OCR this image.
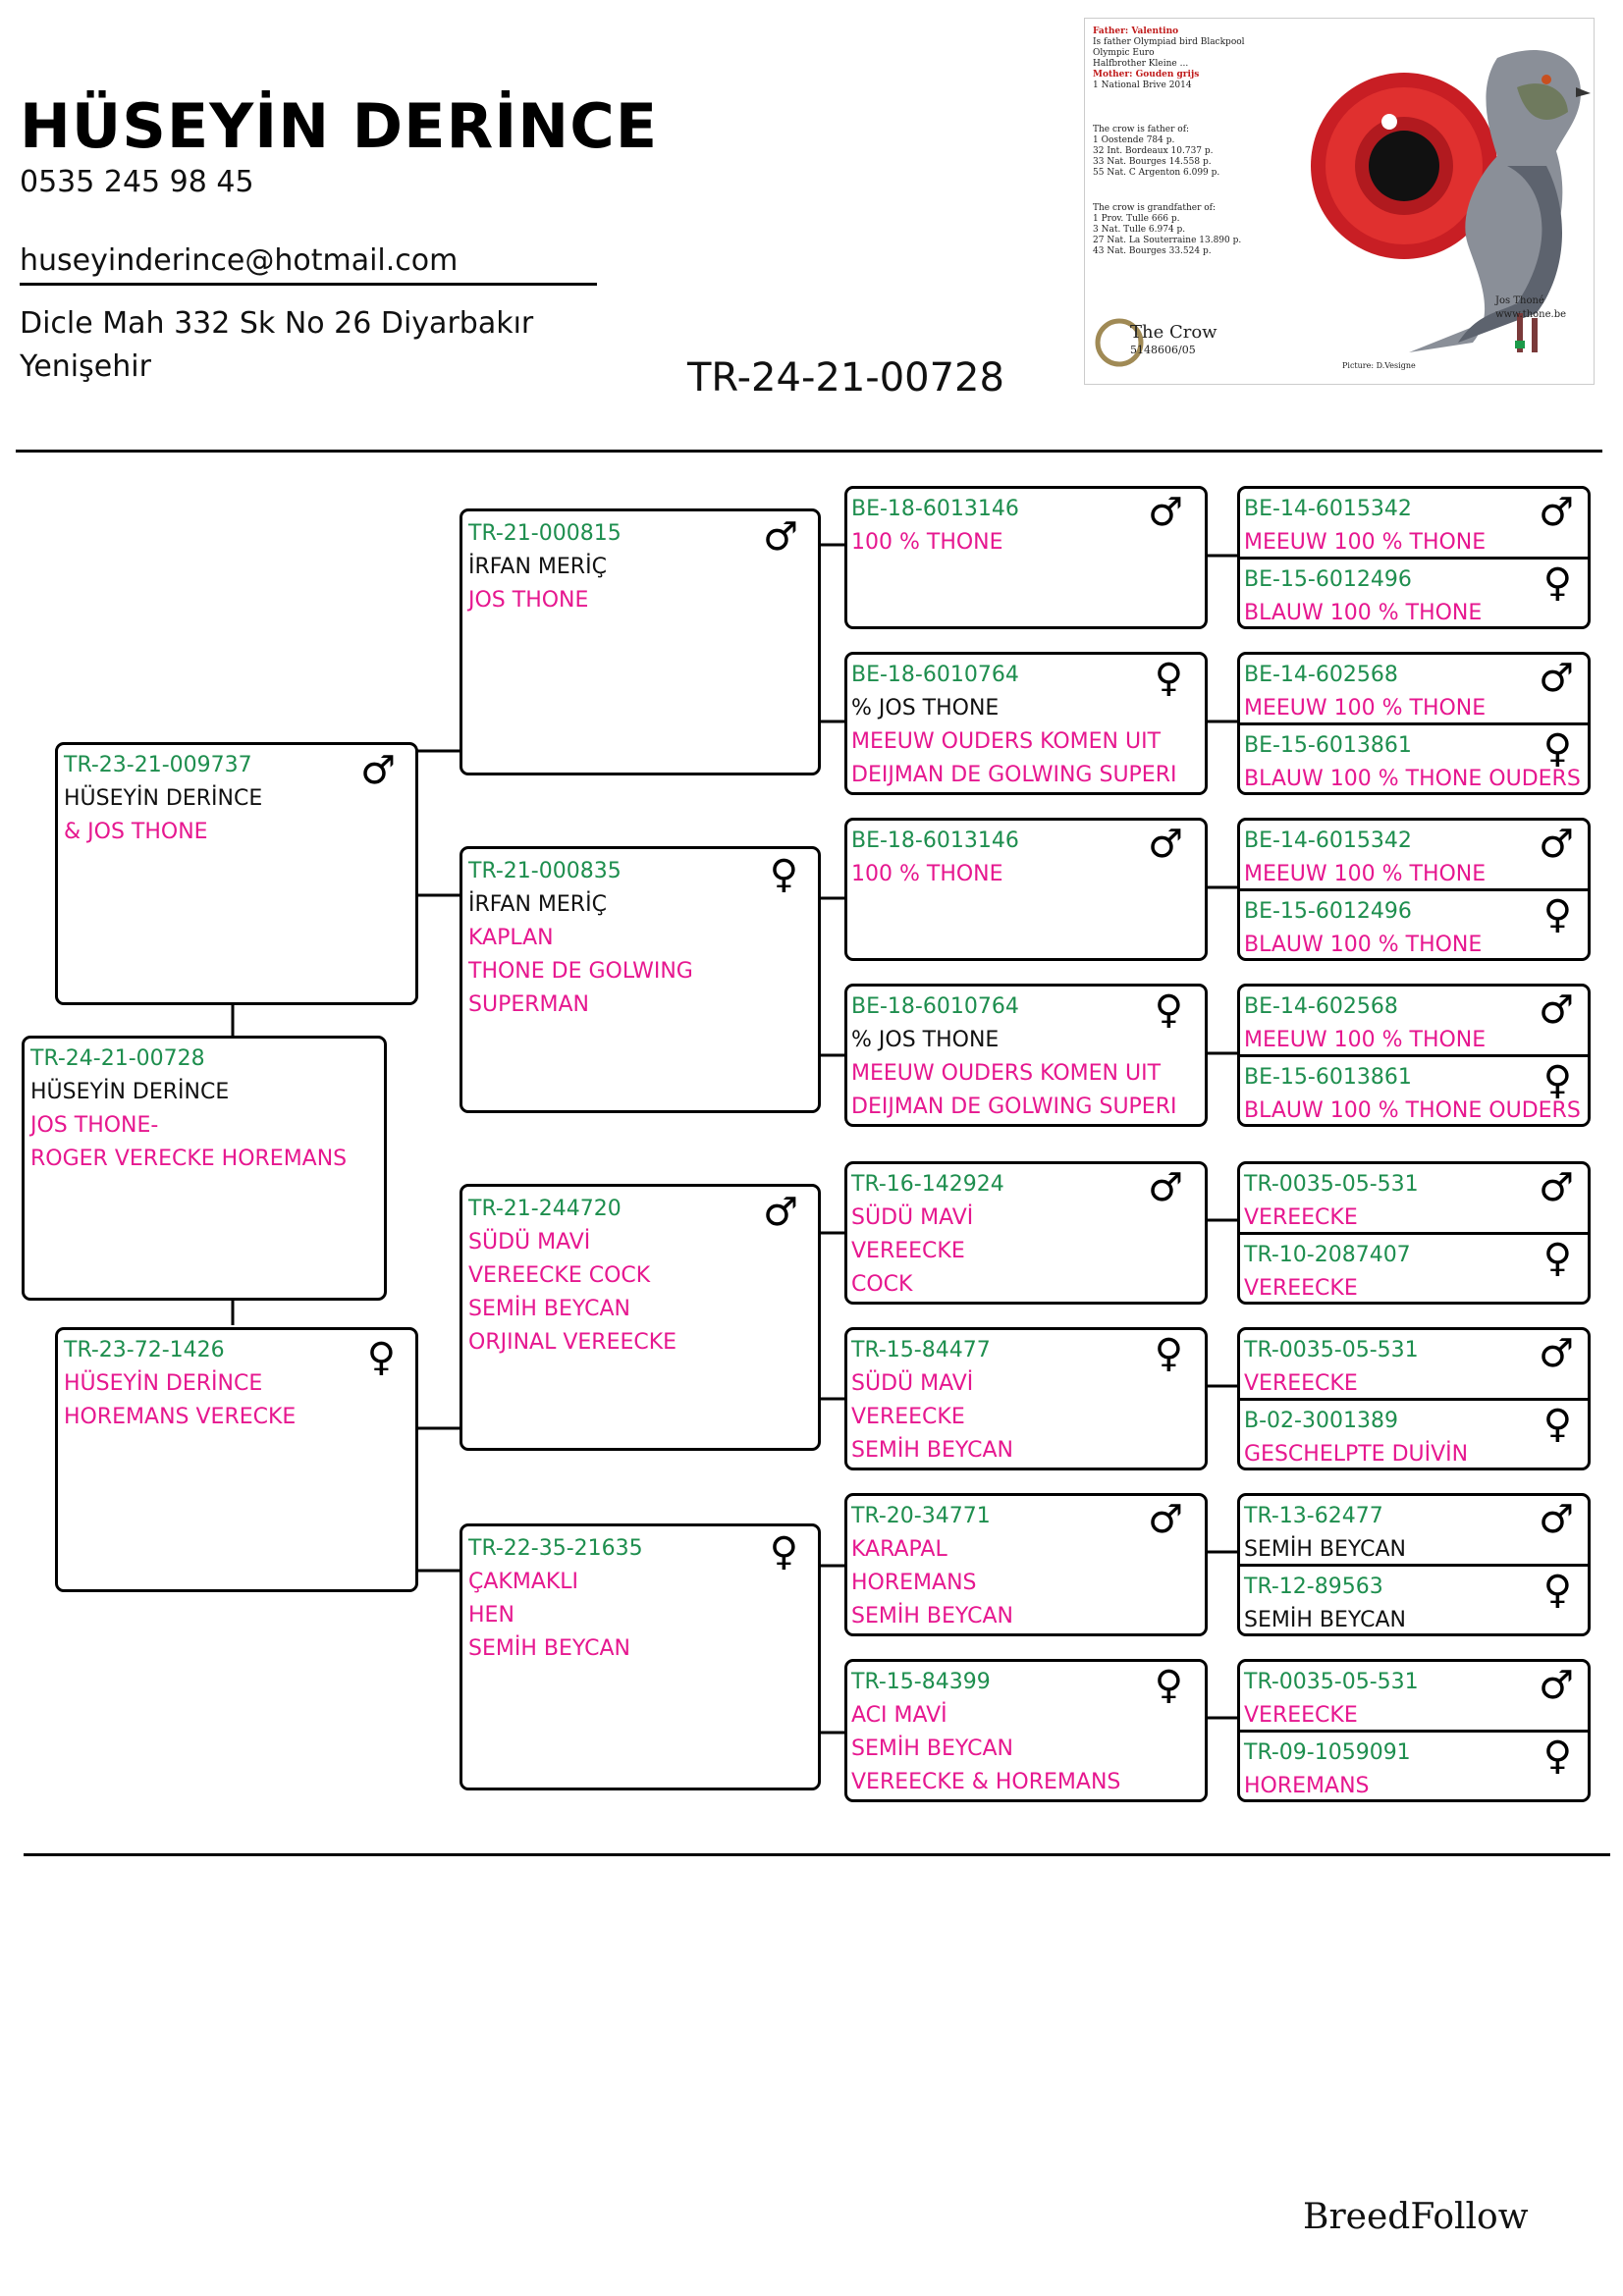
HÜSEYİN DERİNCE
0535 245 98 45
huseyinderince@hotmail.com
Dicle Mah 332 Sk No 26 Diyarbakır
Yenişehir	TR-24-21-00728
Father: Valentino
Is father Olympiad bird Blackpool
Olympic Euro
Halfbrother Kleine ...
Mother: Gouden grijs
1 National Brive 2014
The crow is father of:
1 Oostende 784 p.
32 Int. Bordeaux 10.737 p.
33 Nat. Bourges 14.558 p.
55 Nat. C Argenton 6.099 p.
The crow is grandfather of:
1 Prov. Tulle 666 p.
3 Nat. Tulle 6.974 p.
27 Nat. La Souterraine 13.890 p.
43 Nat. Bourges 33.524 p.
The Crow
5148606/05
Jos Thoné
www.thone.be
Picture: D.Vesigne
TR-24-21-00728
HÜSEYİN DERİNCE
JOS THONE-
ROGER VERECKE HOREMANS
TR-23-21-009737
HÜSEYİN DERİNCE
& JOS THONE
♂
TR-23-72-1426
HÜSEYİN DERİNCE
HOREMANS VERECKE
♀
TR-21-000815
İRFAN MERİÇ
JOS THONE
♂
TR-21-000835
İRFAN MERİÇ
KAPLAN
THONE DE GOLWING
SUPERMAN
♀
TR-21-244720
SÜDÜ MAVİ
VEREECKE COCK
SEMİH BEYCAN
ORJINAL VEREECKE
♂
TR-22-35-21635
ÇAKMAKLI
HEN
SEMİH BEYCAN
♀
BE-18-6013146
100 % THONE
♂
BE-18-6010764
% JOS THONE
MEEUW OUDERS KOMEN UIT
DEIJMAN DE GOLWING SUPERI
♀
BE-18-6013146
100 % THONE
♂
BE-18-6010764
% JOS THONE
MEEUW OUDERS KOMEN UIT
DEIJMAN DE GOLWING SUPERI
♀
TR-16-142924
SÜDÜ MAVİ
VEREECKE
COCK
♂
TR-15-84477
SÜDÜ MAVİ
VEREECKE
SEMİH BEYCAN
♀
TR-20-34771
KARAPAL
HOREMANS
SEMİH BEYCAN
♂
TR-15-84399
ACI MAVİ
SEMİH BEYCAN
VEREECKE & HOREMANS
♀
BE-14-6015342
MEEUW 100 % THONE
♂
BE-15-6012496
BLAUW 100 % THONE
♀
BE-14-602568
MEEUW 100 % THONE
♂
BE-15-6013861
BLAUW 100 % THONE OUDERS
♀
BE-14-6015342
MEEUW 100 % THONE
♂
BE-15-6012496
BLAUW 100 % THONE
♀
BE-14-602568
MEEUW 100 % THONE
♂
BE-15-6013861
BLAUW 100 % THONE OUDERS
♀
TR-0035-05-531
VEREECKE
♂
TR-10-2087407
VEREECKE
♀
TR-0035-05-531
VEREECKE
♂
B-02-3001389
GESCHELPTE DUİVİN
♀
TR-13-62477
SEMİH BEYCAN
♂
TR-12-89563
SEMİH BEYCAN
♀
TR-0035-05-531
VEREECKE
♂
TR-09-1059091
HOREMANS
♀
BreedFollow
